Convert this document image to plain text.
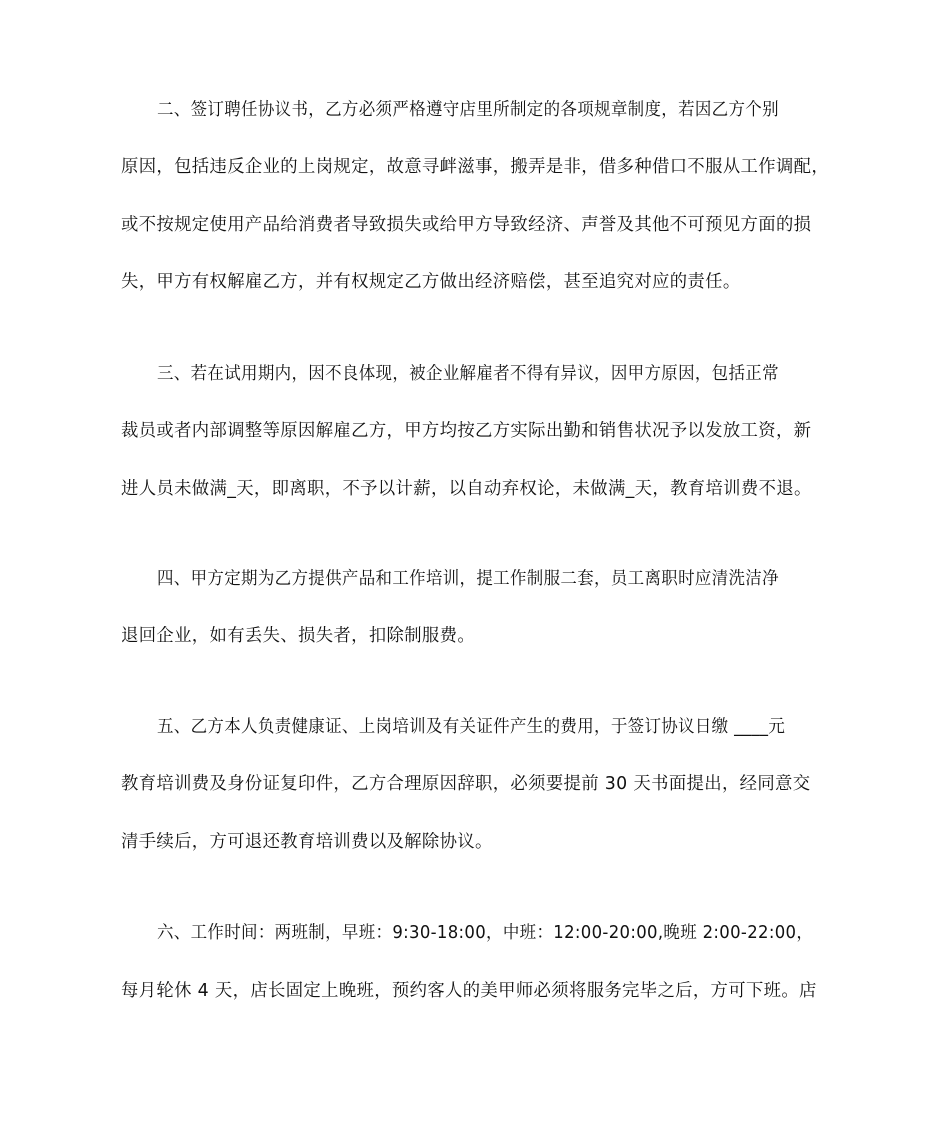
二、签订聘任协议书，乙方必须严格遵守店里所制定的各项规章制度，若因乙方个别
原因，包括违反企业的上岗规定，故意寻衅滋事，搬弄是非，借多种借口不服从工作调配，
或不按规定使用产品给消费者导致损失或给甲方导致经济、声誉及其他不可预见方面的损
失，甲方有权解雇乙方，并有权规定乙方做出经济赔偿，甚至追究对应的责任。
三、若在试用期内，因不良体现，被企业解雇者不得有异议，因甲方原因，包括正常
裁员或者内部调整等原因解雇乙方，甲方均按乙方实际出勤和销售状况予以发放工资，新
进人员未做满_天，即离职，不予以计薪，以自动弃权论，未做满_天，教育培训费不退。
四、甲方定期为乙方提供产品和工作培训，提工作制服二套，员工离职时应清洗洁净
退回企业，如有丢失、损失者，扣除制服费。
五、乙方本人负责健康证、上岗培训及有关证件产生的费用，于签订协议日缴 ____元
教育培训费及身份证复印件，乙方合理原因辞职，必须要提前 30 天书面提出，经同意交
清手续后，方可退还教育培训费以及解除协议。
六、工作时间：两班制，早班：9:30-18:00，中班：12:00-20:00,晚班 2:00-22:00，
每月轮休 4 天，店长固定上晚班，预约客人的美甲师必须将服务完毕之后，方可下班。店
